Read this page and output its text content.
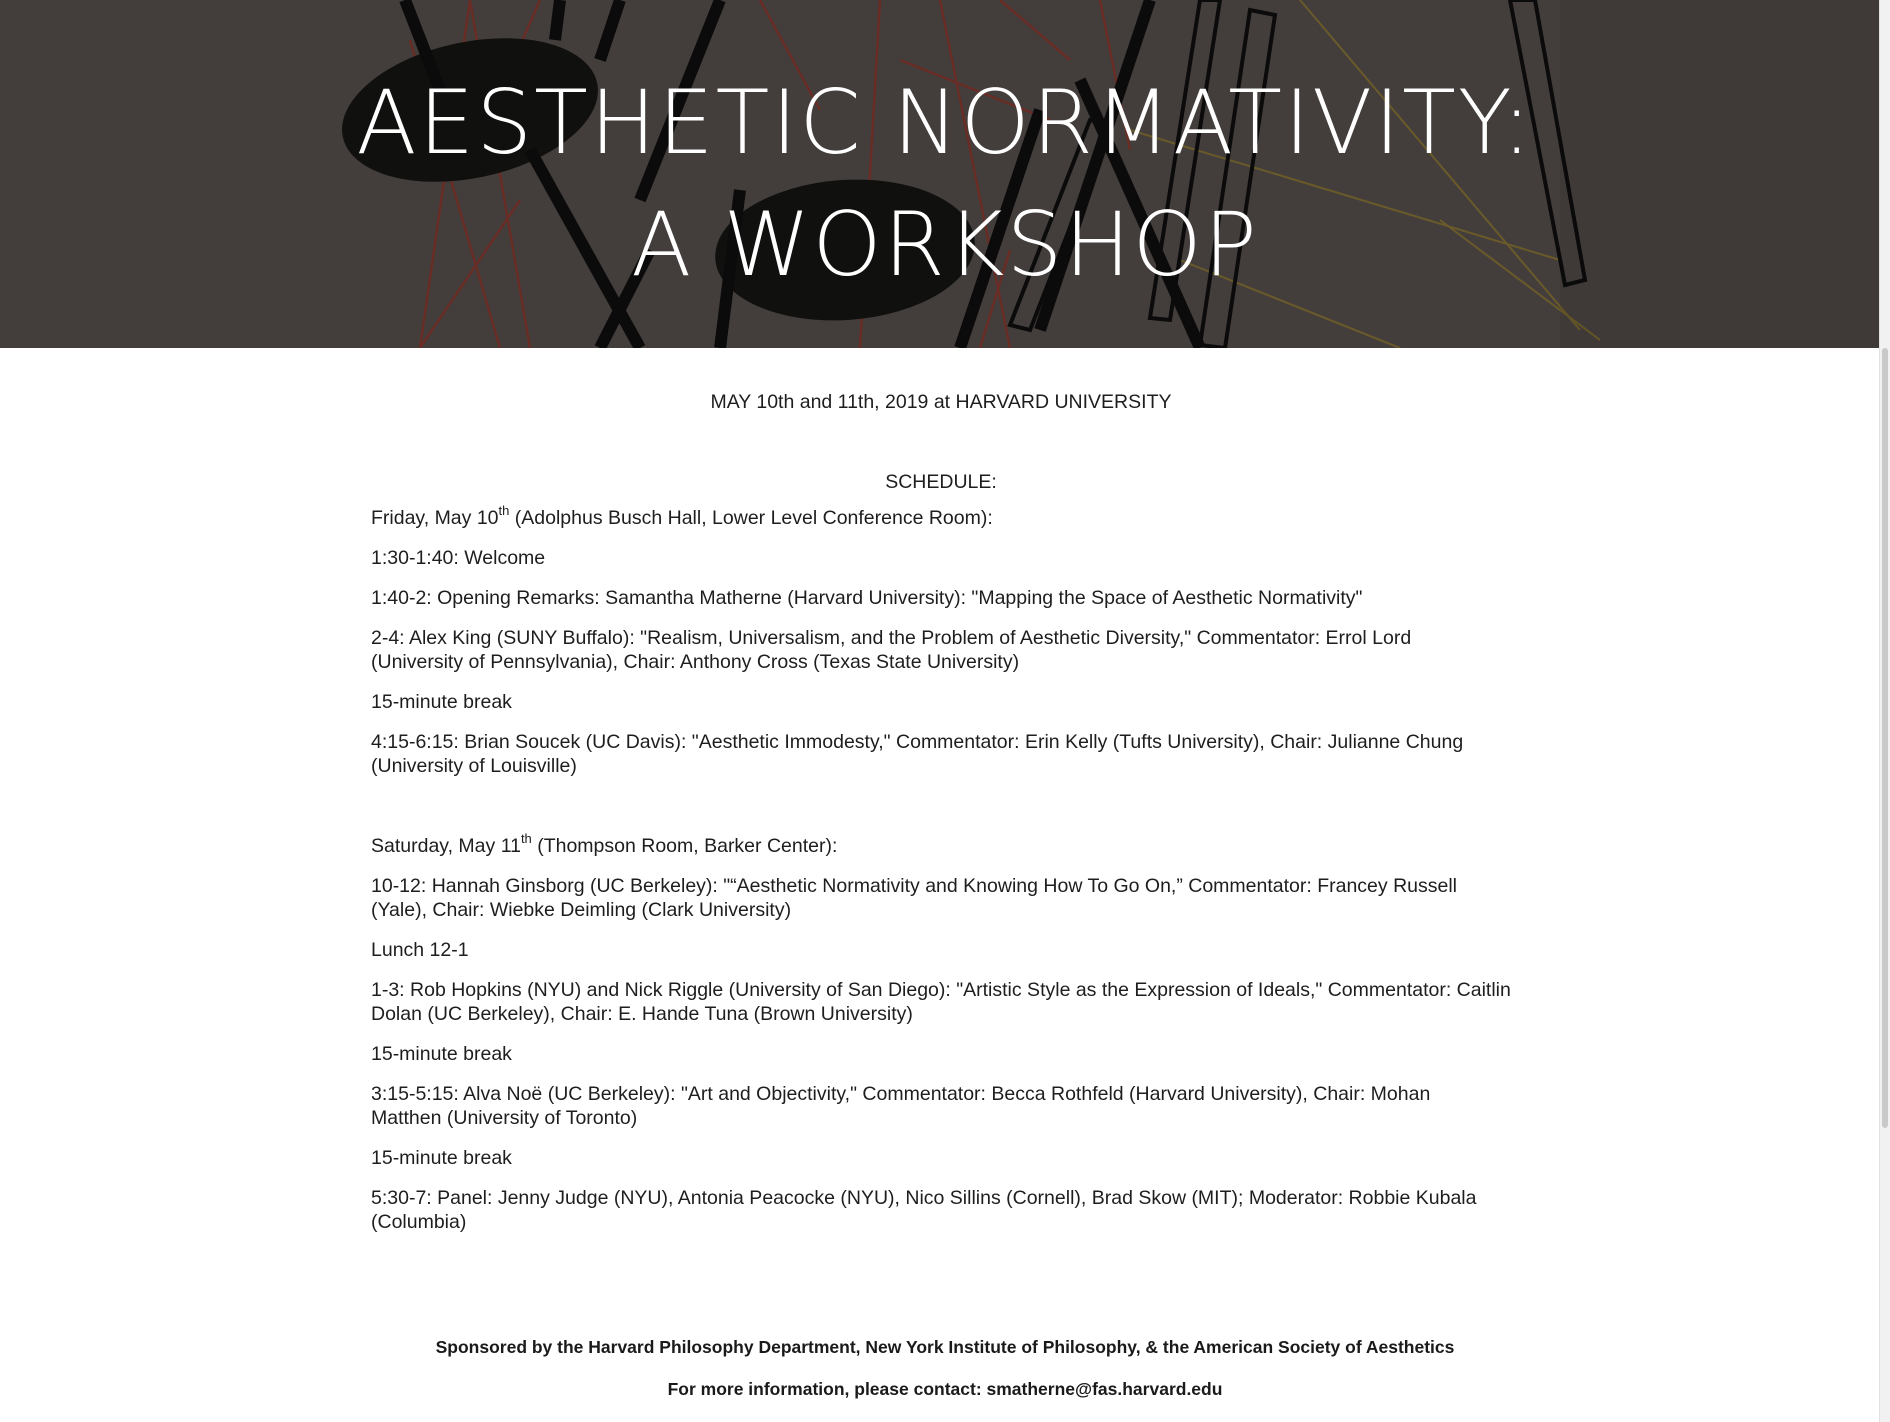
AESTHETIC NORMATIVITY:
A WORKSHOP
MAY 10th and 11th, 2019 at HARVARD UNIVERSITY
SCHEDULE:
Friday, May 10th (Adolphus Busch Hall, Lower Level Conference Room):
1:30-1:40: Welcome
1:40-2: Opening Remarks: Samantha Matherne (Harvard University): "Mapping the Space of Aesthetic Normativity"
2-4: Alex King (SUNY Buffalo): "Realism, Universalism, and the Problem of Aesthetic Diversity," Commentator: Errol Lord
(University of Pennsylvania), Chair: Anthony Cross (Texas State University)
15-minute break
4:15-6:15: Brian Soucek (UC Davis): "Aesthetic Immodesty," Commentator: Erin Kelly (Tufts University), Chair: Julianne Chung
(University of Louisville)
Saturday, May 11th (Thompson Room, Barker Center):
10-12: Hannah Ginsborg (UC Berkeley): "“Aesthetic Normativity and Knowing How To Go On,” Commentator: Francey Russell
(Yale), Chair: Wiebke Deimling (Clark University)
Lunch 12-1
1-3: Rob Hopkins (NYU) and Nick Riggle (University of San Diego): "Artistic Style as the Expression of Ideals," Commentator: Caitlin
Dolan (UC Berkeley), Chair: E. Hande Tuna (Brown University)
15-minute break
3:15-5:15: Alva Noë (UC Berkeley): "Art and Objectivity," Commentator: Becca Rothfeld (Harvard University), Chair: Mohan
Matthen (University of Toronto)
15-minute break
5:30-7: Panel: Jenny Judge (NYU), Antonia Peacocke (NYU), Nico Sillins (Cornell), Brad Skow (MIT); Moderator: Robbie Kubala
(Columbia)
Sponsored by the Harvard Philosophy Department, New York Institute of Philosophy, & the American Society of Aesthetics
For more information, please contact: smatherne@fas.harvard.edu
